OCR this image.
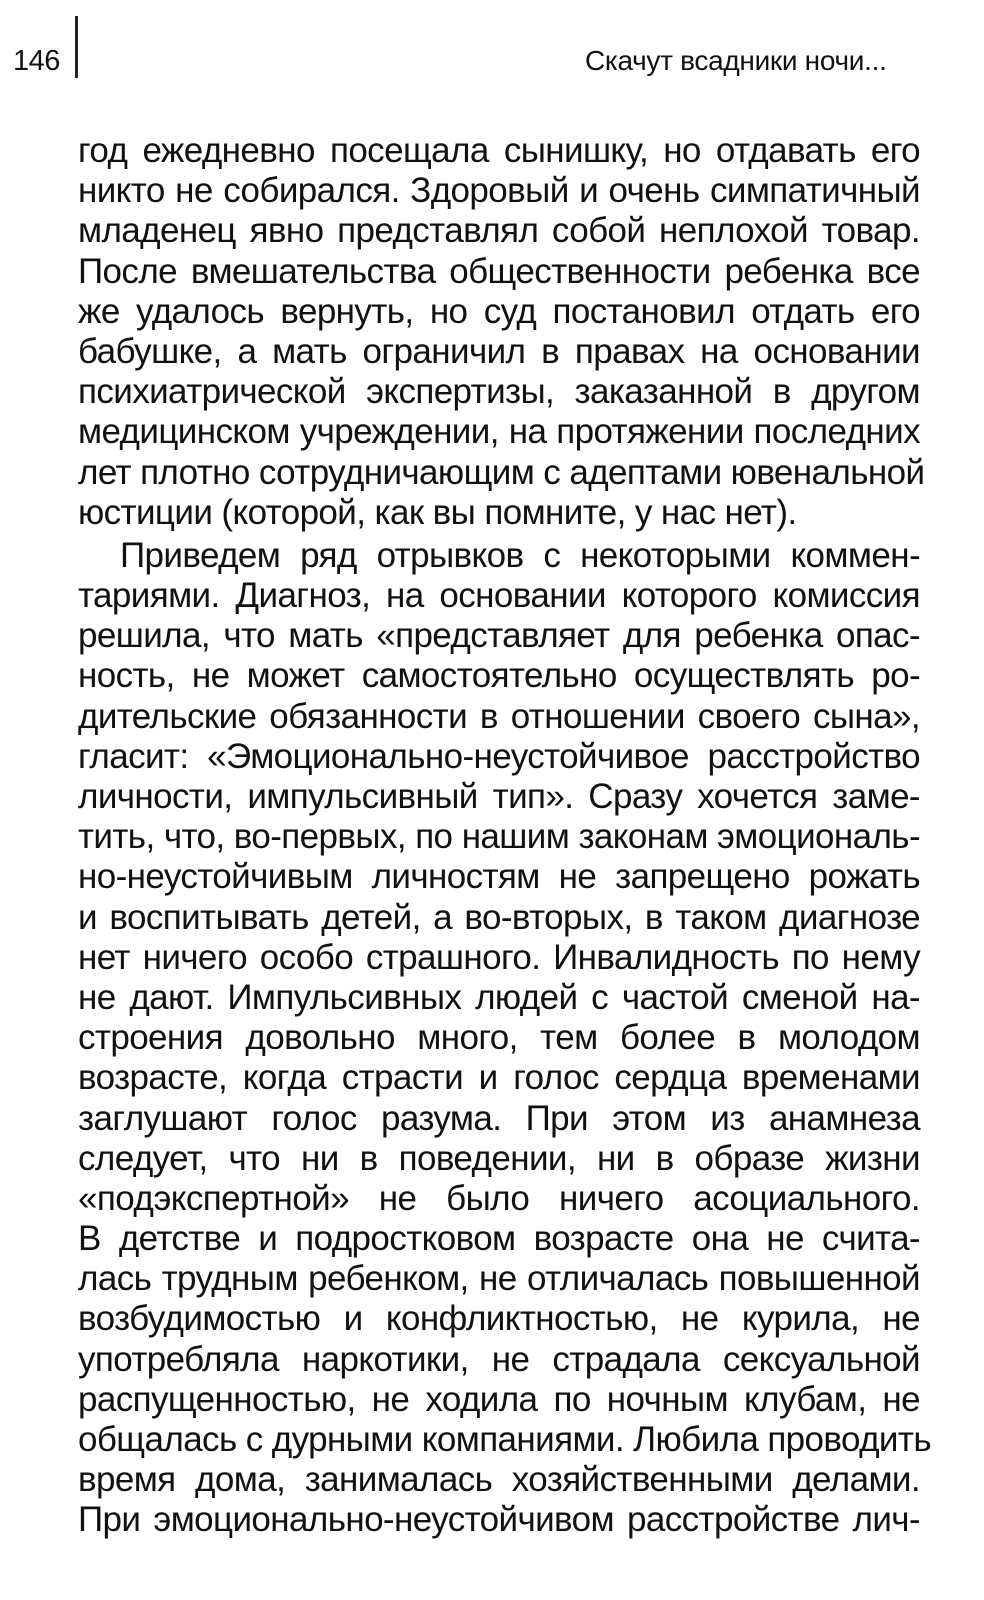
146	Скачут всадники ночи...
год ежедневно посещала сынишку, но отдавать его
никто не собирался. Здоровый и очень симпатичный
младенец явно представлял собой неплохой товар.
После вмешательства общественности ребенка все
же удалось вернуть, но суд постановил отдать его
бабушке, а мать ограничил в правах на основании
психиатрической экспертизы, заказанной в другом
медицинском учреждении, на протяжении последних
лет плотно сотрудничающим с адептами ювенальной
юстиции (которой, как вы помните, у нас нет).
Приведем ряд отрывков с некоторыми коммен-
тариями. Диагноз, на основании которого комиссия
решила, что мать «представляет для ребенка опас-
ность, не может самостоятельно осуществлять ро-
дительские обязанности в отношении своего сына»,
гласит: «Эмоционально-неустойчивое расстройство
личности, импульсивный тип». Сразу хочется заме-
тить, что, во-первых, по нашим законам эмоциональ-
но-неустойчивым личностям не запрещено рожать
и воспитывать детей, а во-вторых, в таком диагнозе
нет ничего особо страшного. Инвалидность по нему
не дают. Импульсивных людей с частой сменой на-
строения довольно много, тем более в молодом
возрасте, когда страсти и голос сердца временами
заглушают голос разума. При этом из анамнеза
следует, что ни в поведении, ни в образе жизни
«подэкспертной» не было ничего асоциального.
В детстве и подростковом возрасте она не счита-
лась трудным ребенком, не отличалась повышенной
возбудимостью и конфликтностью, не курила, не
употребляла наркотики, не страдала сексуальной
распущенностью, не ходила по ночным клубам, не
общалась с дурными компаниями. Любила проводить
время дома, занималась хозяйственными делами.
При эмоционально-неустойчивом расстройстве лич-
